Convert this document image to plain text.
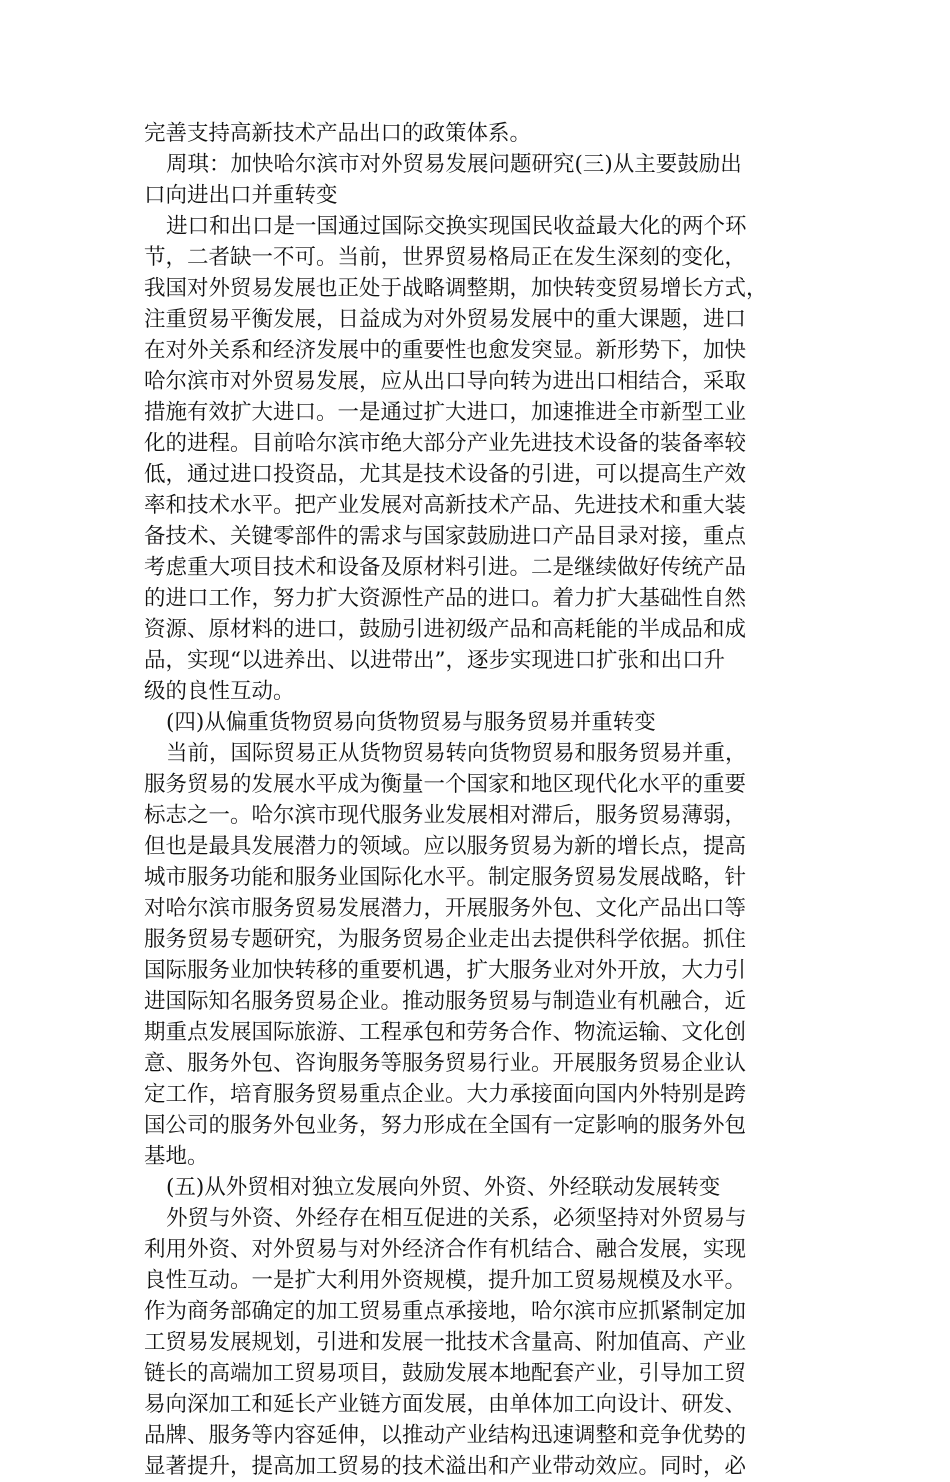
完善支持高新技术产品出口的政策体系。
周琪：加快哈尔滨市对外贸易发展问题研究(三)从主要鼓励出
口向进出口并重转变
进口和出口是一国通过国际交换实现国民收益最大化的两个环
节，二者缺一不可。当前，世界贸易格局正在发生深刻的变化，
我国对外贸易发展也正处于战略调整期，加快转变贸易增长方式，
注重贸易平衡发展，日益成为对外贸易发展中的重大课题，进口
在对外关系和经济发展中的重要性也愈发突显。新形势下，加快
哈尔滨市对外贸易发展，应从出口导向转为进出口相结合，采取
措施有效扩大进口。一是通过扩大进口，加速推进全市新型工业
化的进程。目前哈尔滨市绝大部分产业先进技术设备的装备率较
低，通过进口投资品，尤其是技术设备的引进，可以提高生产效
率和技术水平。把产业发展对高新技术产品、先进技术和重大装
备技术、关键零部件的需求与国家鼓励进口产品目录对接，重点
考虑重大项目技术和设备及原材料引进。二是继续做好传统产品
的进口工作，努力扩大资源性产品的进口。着力扩大基础性自然
资源、原材料的进口，鼓励引进初级产品和高耗能的半成品和成
品，实现“以进养出、以进带出”，逐步实现进口扩张和出口升
级的良性互动。
(四)从偏重货物贸易向货物贸易与服务贸易并重转变
当前，国际贸易正从货物贸易转向货物贸易和服务贸易并重，
服务贸易的发展水平成为衡量一个国家和地区现代化水平的重要
标志之一。哈尔滨市现代服务业发展相对滞后，服务贸易薄弱，
但也是最具发展潜力的领域。应以服务贸易为新的增长点，提高
城市服务功能和服务业国际化水平。制定服务贸易发展战略，针
对哈尔滨市服务贸易发展潜力，开展服务外包、文化产品出口等
服务贸易专题研究，为服务贸易企业走出去提供科学依据。抓住
国际服务业加快转移的重要机遇，扩大服务业对外开放，大力引
进国际知名服务贸易企业。推动服务贸易与制造业有机融合，近
期重点发展国际旅游、工程承包和劳务合作、物流运输、文化创
意、服务外包、咨询服务等服务贸易行业。开展服务贸易企业认
定工作，培育服务贸易重点企业。大力承接面向国内外特别是跨
国公司的服务外包业务，努力形成在全国有一定影响的服务外包
基地。
(五)从外贸相对独立发展向外贸、外资、外经联动发展转变
外贸与外资、外经存在相互促进的关系，必须坚持对外贸易与
利用外资、对外贸易与对外经济合作有机结合、融合发展，实现
良性互动。一是扩大利用外资规模，提升加工贸易规模及水平。
作为商务部确定的加工贸易重点承接地，哈尔滨市应抓紧制定加
工贸易发展规划，引进和发展一批技术含量高、附加值高、产业
链长的高端加工贸易项目，鼓励发展本地配套产业，引导加工贸
易向深加工和延长产业链方面发展，由单体加工向设计、研发、
品牌、服务等内容延伸，以推动产业结构迅速调整和竞争优势的
显著提升，提高加工贸易的技术溢出和产业带动效应。同时，必
